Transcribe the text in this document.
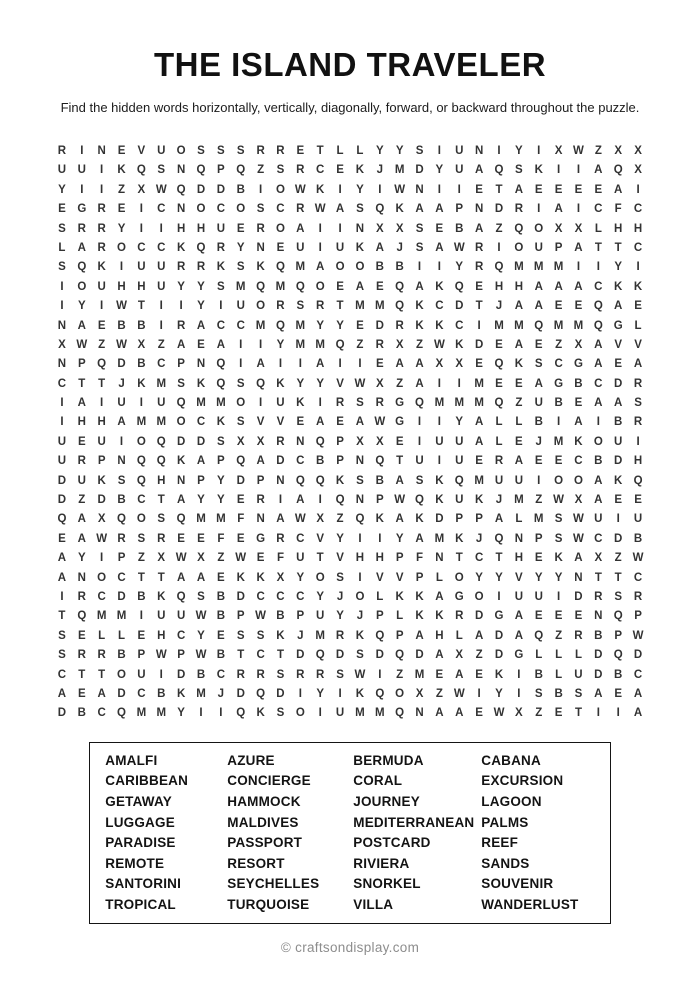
THE ISLAND TRAVELER

Find the hidden words horizontally, vertically, diagonally, forward, or backward throughout the puzzle.

R	I	N	E	V	U O	S	S	S	R	R	E	T	L	L	Y	Y	S	I	U	N	I	Y	I	X W Z	X	X
U	U	I	K Q	S	N Q	P	Q	Z	S	R	C	E	K	J	M D	Y	U	A Q	S	K	I	I	A Q	X
Y	I	I	Z	X W Q D	D	B	I	O W K	I	Y	I	W N	I	I	E	T	A	E	E	E	E	A	I
E	G R	E	I	C	N O C O	S	C	R W A	S	Q K	A	A	P	N	D	R	I	A	I	C	F	C
S	R	R	Y	I	I	H	H	U	E	R O A	I	I	N	X	X	S	E	B	A	Z	Q O	X	X	L	H	H
L	A	R O C	C	K Q R	Y	N	E	U	I	U	K	A	J	S	A W R	I	O U	P	A	T	T	C
S	Q K	I	U	U	R	R	K	S	K Q M A O O B	B	I	I	Y	R Q M M M	I	I	Y	I
I	O U	H	H	U	Y	Y	S M Q M Q O	E	A	E	Q A	K Q	E	H	H	A	A	A	C	K	K
I	Y	I	W T	I	I	Y	I	U O R	S	R	T	M M Q K	C	D	T	J	A	A	E	E	Q A	E
N	A	E	B	B	I	R	A	C	C M Q M Y	Y	E	D	R	K	K	C	I	M M Q M M Q G	L
X W Z W X	Z	A	E	A	I	I	Y M M Q	Z	R	X	Z W K	D	E	A	E	Z	X	A	V	V
N	P	Q D	B	C	P	N Q	I	A	I	I	A	I	I	E	A	A	X	X	E	Q K	S	C G A	E	A
C	T	T	J	K M S	K Q	S	Q K	Y	Y	V W X	Z	A	I	I	M E	E	A G B	C	D	R
I	A	I	U	I	U Q M M O	I	U	K	I	R	S	R G Q M M M Q	Z	U	B	E	A	A	S
I	H	H	A M M O C	K	S	V	V	E	A	E	A W G	I	I	Y	A	L	L	B	I	A	I	B	R
U	E	U	I	O Q D	D	S	X	X	R	N Q	P	X	X	E	I	U	U	A	L	E	J	M K O U	I
U	R	P	N Q Q K	A	P	Q A	D	C	B	P	N Q	T	U	I	U	E	R	A	E	E	C	B	D	H
D	U	K	S	Q H	N	P	Y	D	P	N Q Q K	S	B	A	S	K Q M U	U	I	O O A	K Q
D	Z	D	B	C	T	A	Y	Y	E	R	I	A	I	Q N	P W Q K	U	K	J	M	Z W X	A	E	E
Q A	X	Q O	S	Q M M	F	N	A W X	Z	Q K	A	K	D	P	P	A	L	M S W U	I	U
E	A W R	S	R	E	E	F	E	G R	C	V	Y	I	I	Y	A M K	J	Q N	P	S W C	D	B
A	Y	I	P	Z	X W X	Z W E	F	U	T	V	H	H	P	F	N	T	C	T	H	E	K	A	X	Z W
A	N O C	T	T	A	A	E	K	K	X	Y	O	S	I	V	V	P	L	O	Y	Y	V	Y	Y	N	T	T	C
I	R	C	D	B	K Q	S	B	D	C	C	C	Y	J	O	L	K	K	A G O	I	U	U	I	D	R	S	R
T	Q M M	I	U	U W B	P W B	P	U	Y	J	P	L	K	K	R	D G A	E	E	E	N Q	P
S	E	L	L	E	H	C	Y	E	S	S	K	J	M R	K Q	P	A	H	L	A	D	A Q	Z	R	B	P W
S	R	R	B	P W P W B	T	C	T	D Q D	S	D Q D	A	X	Z	D G	L	L	L	D Q D
C	T	T	O U	I	D	B	C	R	R	S	R	R	S W	I	Z	M E	A	E	K	I	B	L	U	D	B	C
A	E	A	D	C	B	K M	J	D Q D	I	Y	I	K Q O	X	Z W	I	Y	I	S	B	S	A	E	A
D	B	C Q M M Y	I	I	Q K	S	O	I	U M M Q N	A	A	E W X	Z	E	T	I	I	A
AMALFI
CARIBBEAN
GETAWAY
LUGGAGE
PARADISE
REMOTE
SANTORINI
TROPICAL
AZURE
CONCIERGE
HAMMOCK
MALDIVES
PASSPORT
RESORT
SEYCHELLES
TURQUOISE
BERMUDA
CORAL
JOURNEY
MEDITERRANEAN
POSTCARD
RIVIERA
SNORKEL
VILLA
CABANA
EXCURSION
LAGOON
PALMS
REEF
SANDS
SOUVENIR
WANDERLUST
© craftsondisplay.com
